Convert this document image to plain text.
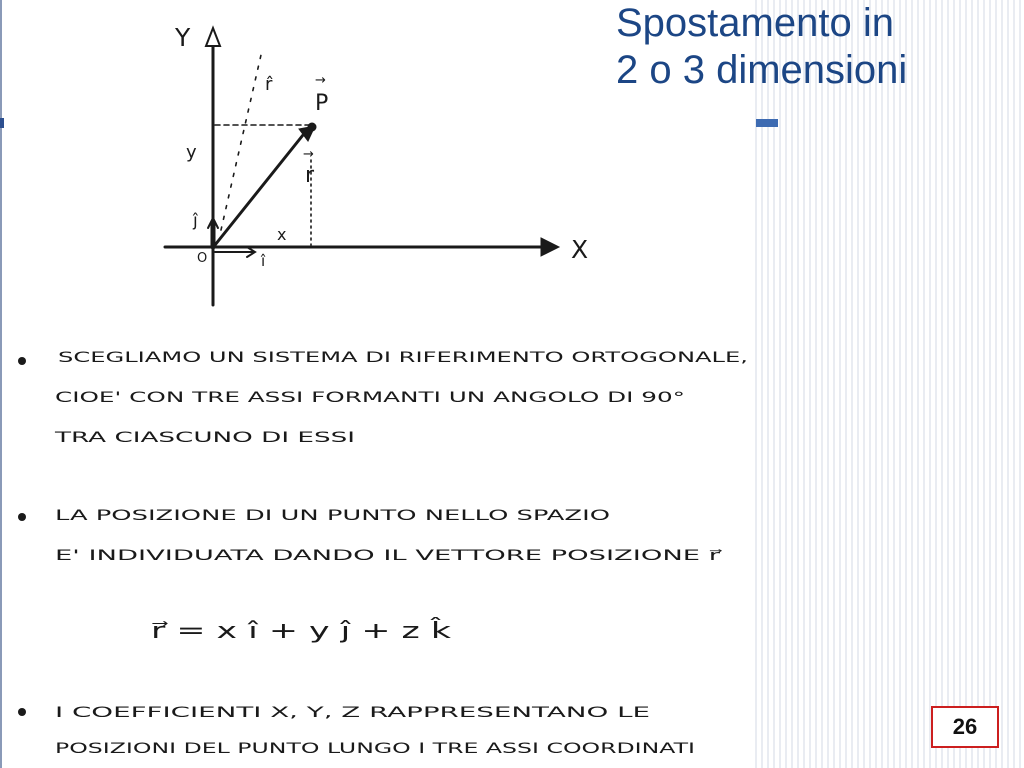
Y
X
O	î
ĵ
y
x
→
P
→
r
r̂
SCEGLIAMO UN SISTEMA DI RIFERIMENTO ORTOGONALE,
CIOE' CON TRE ASSI FORMANTI UN ANGOLO DI 90°
TRA CIASCUNO DI ESSI
LA POSIZIONE DI UN PUNTO NELLO SPAZIO
E' INDIVIDUATA DANDO IL VETTORE POSIZIONE r⃗
r⃗ = x î + y ĵ + z k̂
I COEFFICIENTI X, Y, Z RAPPRESENTANO LE
POSIZIONI DEL PUNTO LUNGO I TRE ASSI COORDINATI
Spostamento in
2 o 3 dimensioni
26
